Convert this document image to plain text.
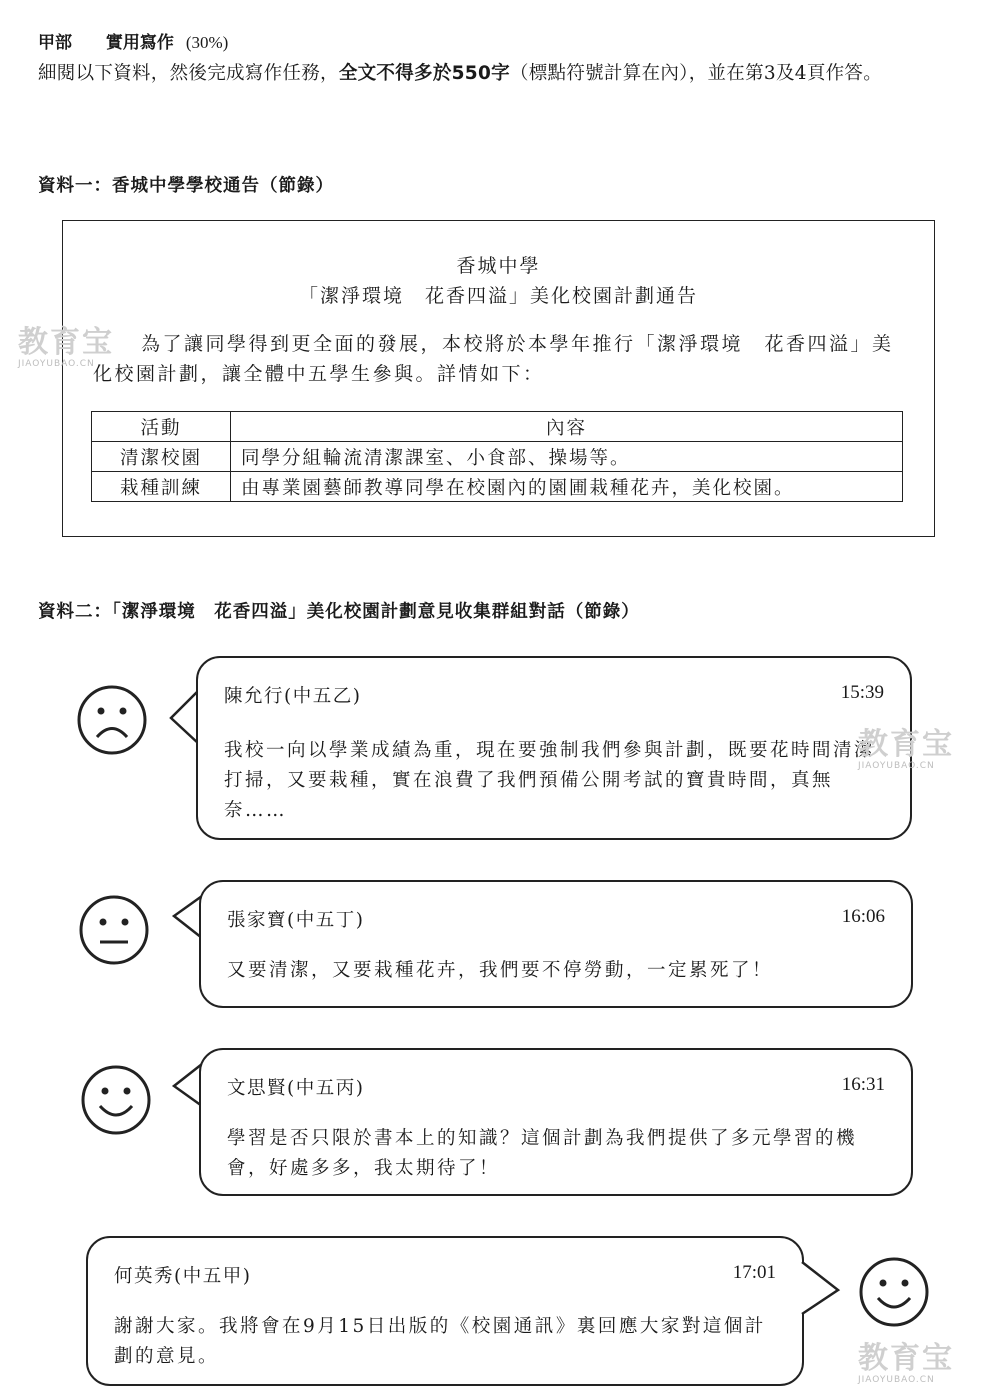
甲部 實用寫作 (30%)
細閱以下資料，然後完成寫作任務，全文不得多於550字（標點符號計算在內），並在第3及4頁作答。
資料一：香城中學學校通告（節錄）
香城中學
「潔淨環境　花香四溢」美化校園計劃通告
為了讓同學得到更全面的發展，本校將於本學年推行「潔淨環境　花香四溢」美化校園計劃，讓全體中五學生參與。詳情如下：
活動	內容
清潔校園	同學分組輪流清潔課室、小食部、操場等。
栽種訓練	由專業園藝師教導同學在校園內的園圃栽種花卉，美化校園。
教育宝
JIAOYUBAO.CN
資料二：「潔淨環境　花香四溢」美化校園計劃意見收集群組對話（節錄）
陳允行(中五乙)	15:39
我校一向以學業成績為重，現在要強制我們參與計劃，既要花時間清潔打掃，又要栽種，實在浪費了我們預備公開考試的寶貴時間，真無奈……
教育宝
JIAOYUBAO.CN
張家寶(中五丁)	16:06
又要清潔，又要栽種花卉，我們要不停勞動，一定累死了！
文思賢(中五丙)	16:31
學習是否只限於書本上的知識？這個計劃為我們提供了多元學習的機會，好處多多，我太期待了！
何英秀(中五甲)	17:01
謝謝大家。我將會在9月15日出版的《校園通訊》裏回應大家對這個計劃的意見。	教育宝
JIAOYUBAO.CN
